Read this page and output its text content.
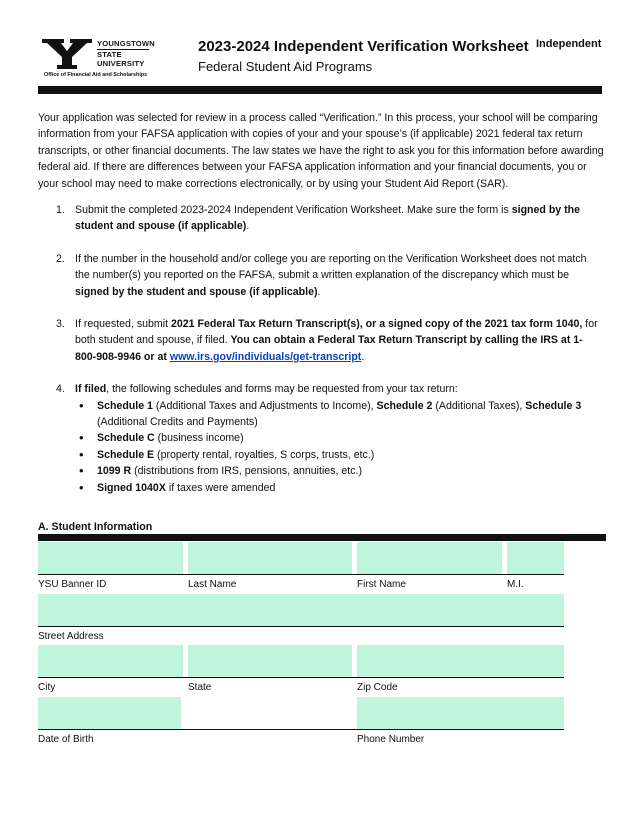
YOUNGSTOWN
STATE
UNIVERSITY
Office of Financial Aid and Scholarships
2023-2024 Independent Verification Worksheet
Federal Student Aid Programs
Independent
Your application was selected for review in a process called “Verification.” In this process, your school will be comparing information from your FAFSA application with copies of your and your spouse’s (if applicable) 2021 federal tax return transcripts, or other financial documents. The law states we have the right to ask you for this information before awarding federal aid. If there are differences between your FAFSA application information and your financial documents, you or your school may need to make corrections electronically, or by using your Student Aid Report (SAR).
1. Submit the completed 2023-2024 Independent Verification Worksheet. Make sure the form is signed by the student and spouse (if applicable).
2. If the number in the household and/or college you are reporting on the Verification Worksheet does not match the number(s) you reported on the FAFSA, submit a written explanation of the discrepancy which must be signed by the student and spouse (if applicable).
3. If requested, submit 2021 Federal Tax Return Transcript(s), or a signed copy of the 2021 tax form 1040, for both student and spouse, if filed. You can obtain a Federal Tax Return Transcript by calling the IRS at 1-800-908-9946 or at www.irs.gov/individuals/get-transcript.
4. If filed, the following schedules and forms may be requested from your tax return:
• Schedule 1 (Additional Taxes and Adjustments to Income), Schedule 2 (Additional Taxes), Schedule 3 (Additional Credits and Payments)
• Schedule C (business income)
• Schedule E (property rental, royalties, S corps, trusts, etc.)
• 1099 R (distributions from IRS, pensions, annuities, etc.)
• Signed 1040X if taxes were amended
A. Student Information
YSU Banner ID	Last Name	First Name	M.I.
Street Address
City	State	Zip Code
Date of Birth	Phone Number
